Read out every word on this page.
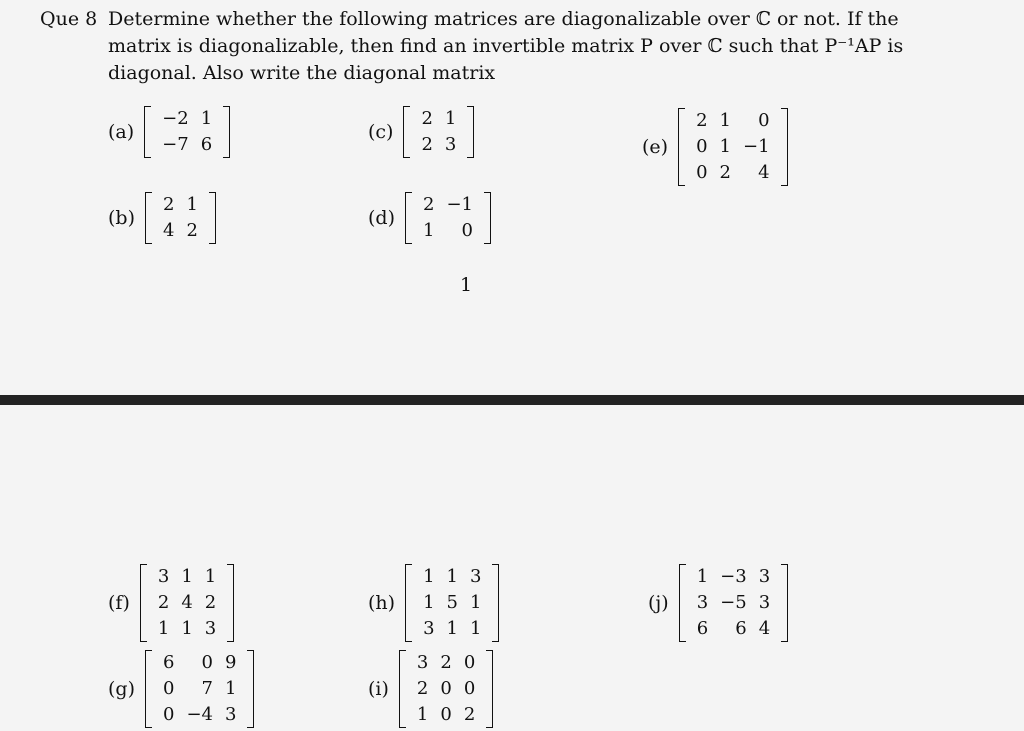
Que 8 Determine whether the following matrices are diagonalizable over ℂ or not. If the
matrix is diagonalizable, then find an invertible matrix P over ℂ such that P⁻¹AP is
diagonal. Also write the diagonal matrix
1
(a)
−2	1
−7	6
(b)
2	1
4	2
(c)
2	1
2	3
(d)
2	−1
1	0
(e)
2	1	0
0	1	−1
0	2	4
(f)
3	1	1
2	4	2
1	1	3
(g)
6	0	9
0	7	1
0	−4	3
(h)
1	1	3
1	5	1
3	1	1
(i)
3	2	0
2	0	0
1	0	2
(j)
1	−3	3
3	−5	3
6	6	4
